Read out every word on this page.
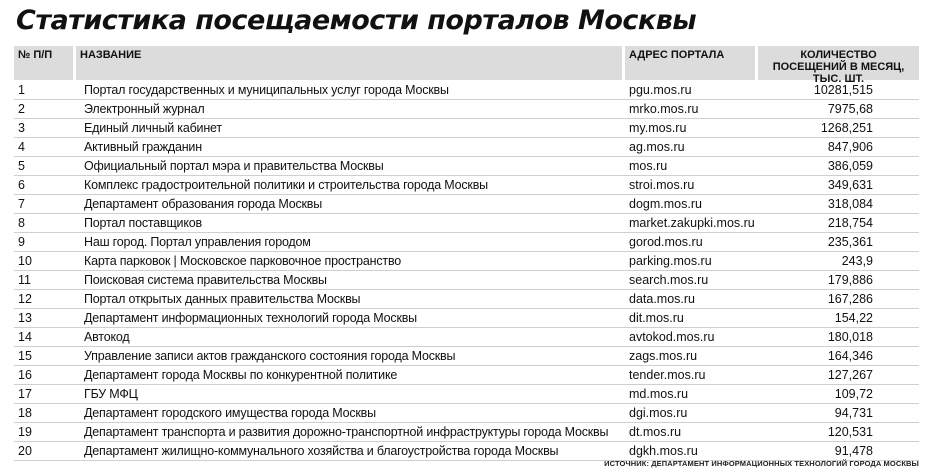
Статистика посещаемости порталов Москвы
№ П/П	НАЗВАНИЕ	АДРЕС ПОРТАЛА	КОЛИЧЕСТВО ПОСЕЩЕНИЙ В МЕСЯЦ, ТЫС. ШТ.
1	Портал государственных и муниципальных услуг города Москвы	pgu.mos.ru	10281,515
2	Электронный журнал	mrko.mos.ru	7975,68
3	Единый личный кабинет	my.mos.ru	1268,251
4	Активный гражданин	ag.mos.ru	847,906
5	Официальный портал мэра и правительства Москвы	mos.ru	386,059
6	Комплекс градостроительной политики и строительства города Москвы	stroi.mos.ru	349,631
7	Департамент образования города Москвы	dogm.mos.ru	318,084
8	Портал поставщиков	market.zakupki.mos.ru	218,754
9	Наш город. Портал управления городом	gorod.mos.ru	235,361
10	Карта парковок | Московское парковочное пространство	parking.mos.ru	243,9
11	Поисковая система правительства Москвы	search.mos.ru	179,886
12	Портал открытых данных правительства Москвы	data.mos.ru	167,286
13	Департамент информационных технологий города Москвы	dit.mos.ru	154,22
14	Автокод	avtokod.mos.ru	180,018
15	Управление записи актов гражданского состояния города Москвы	zags.mos.ru	164,346
16	Департамент города Москвы по конкурентной политике	tender.mos.ru	127,267
17	ГБУ МФЦ	md.mos.ru	109,72
18	Департамент городского имущества города Москвы	dgi.mos.ru	94,731
19	Департамент транспорта и развития дорожно-транспортной инфраструктуры города Москвы	dt.mos.ru	120,531
20	Департамент жилищно-коммунального хозяйства и благоустройства города Москвы	dgkh.mos.ru	91,478
ИСТОЧНИК: ДЕПАРТАМЕНТ ИНФОРМАЦИОННЫХ ТЕХНОЛОГИЙ ГОРОДА МОСКВЫ
